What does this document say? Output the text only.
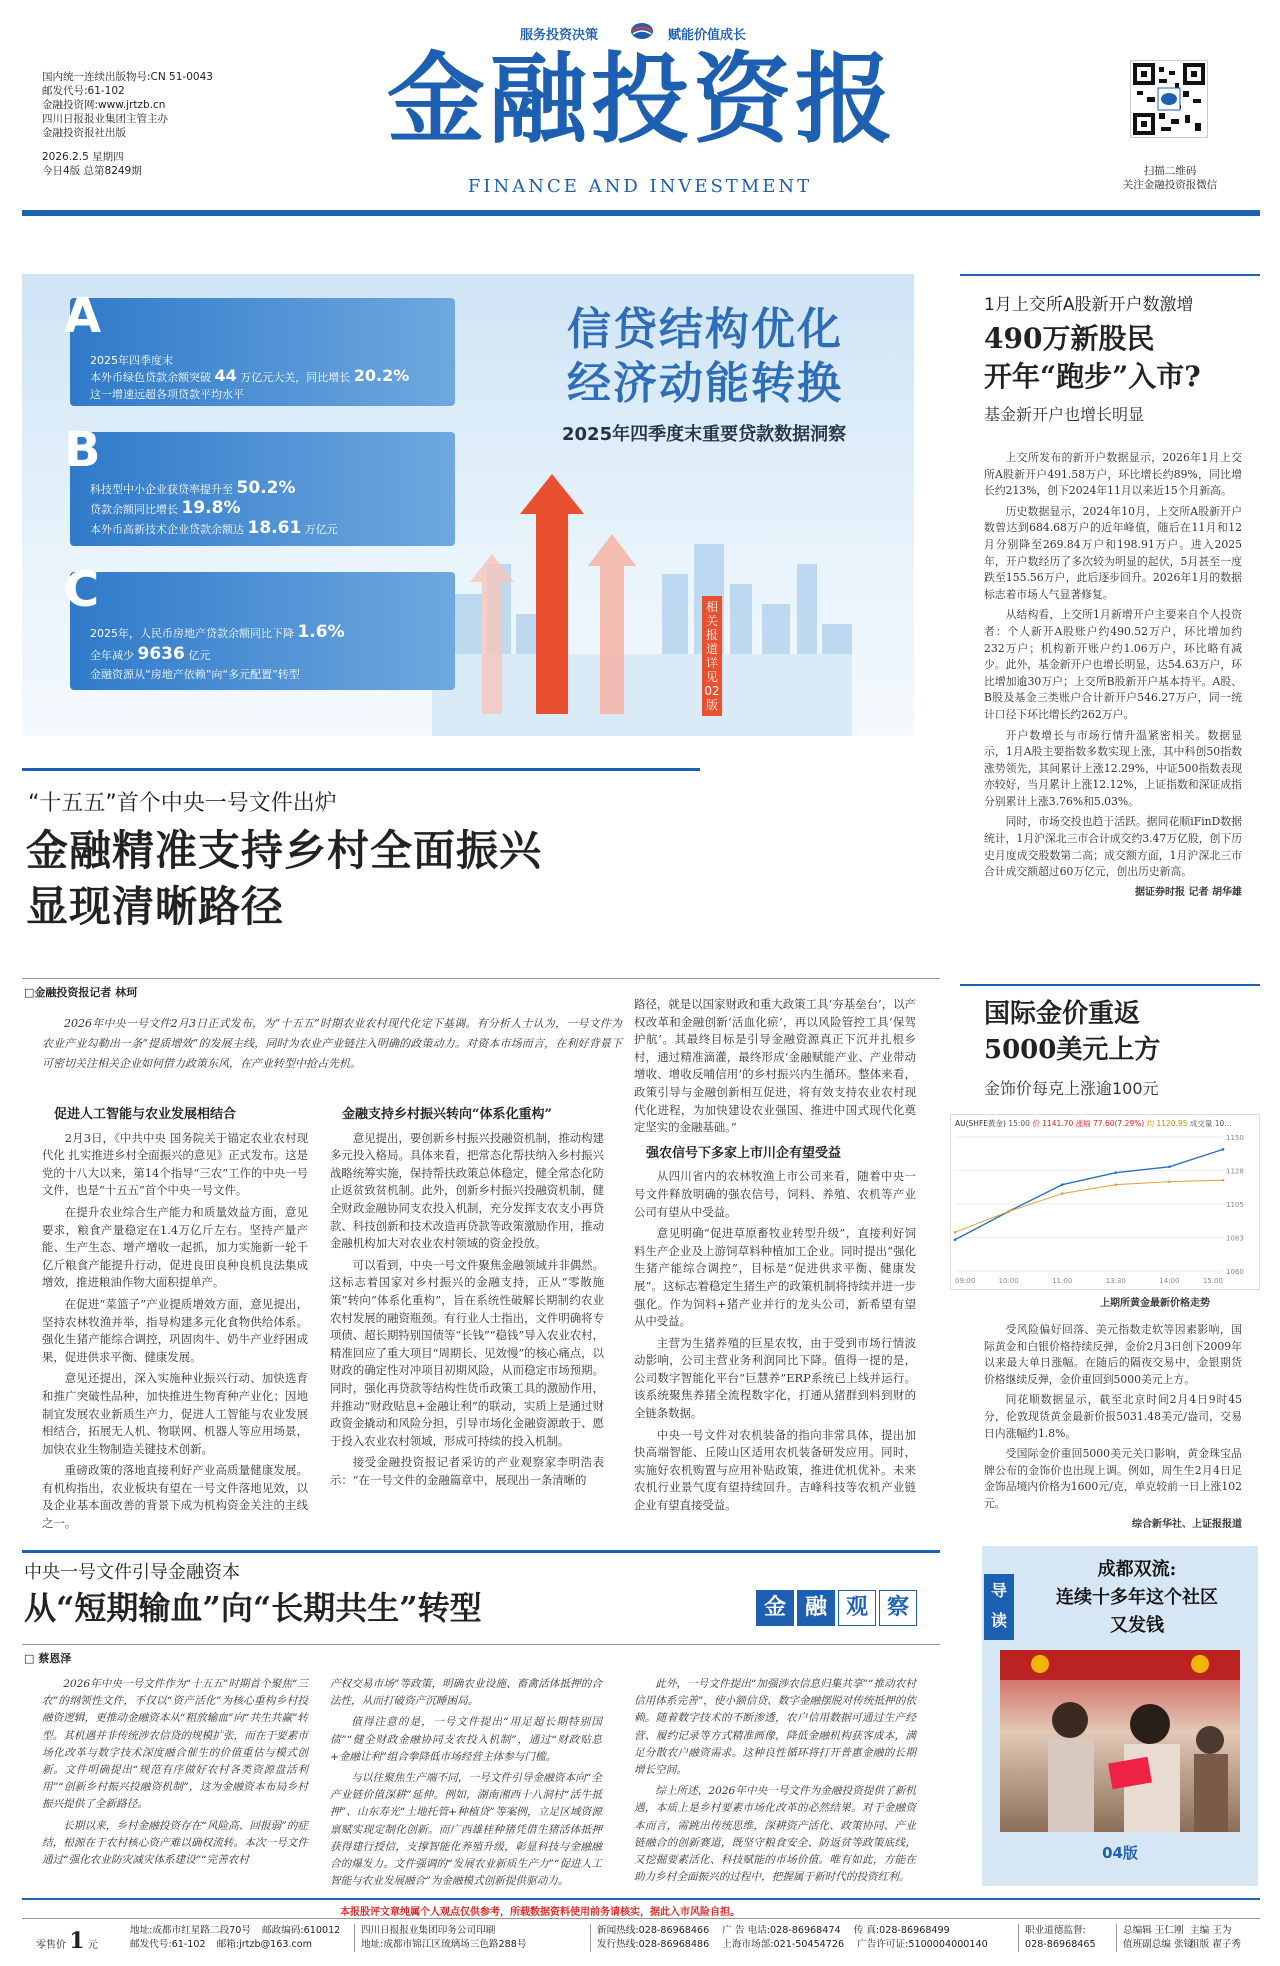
服务投资决策	赋能价值成长
国内统一连续出版物号:CN 51-0043
邮发代号:61-102
金融投资网:www.jrtzb.cn
四川日报报业集团主管主办
金融投资报社出版
2026.2.5 星期四
今日4版 总第8249期
金融投资报
FINANCE AND INVESTMENT
扫描二维码
关注金融投资报微信
信贷结构优化
经济动能转换
2025年四季度末重要贷款数据洞察
相关报道详见 02版
A
2025年四季度末
本外币绿色贷款余额突破 44 万亿元大关，同比增长 20.2%
这一增速远超各项贷款平均水平
B
科技型中小企业获贷率提升至 50.2%
贷款余额同比增长 19.8%
本外币高新技术企业贷款余额达 18.61 万亿元
C
2025年，人民币房地产贷款余额同比下降 1.6%
全年减少 9636 亿元
金融资源从“房地产依赖”向“多元配置”转型
1月上交所A股新开户数激增
490万新股民
开年“跑步”入市?
基金新开户也增长明显

上交所发布的新开户数据显示，2026年1月上交所A股新开户491.58万户，环比增长约89%，同比增长约213%，创下2024年11月以来近15个月新高。

历史数据显示，2024年10月，上交所A股新开户数曾达到684.68万户的近年峰值，随后在11月和12月分别降至269.84万户和198.91万户。进入2025年，开户数经历了多次较为明显的起伏，5月甚至一度跌至155.56万户，此后逐步回升。2026年1月的数据标志着市场人气显著修复。

从结构看，上交所1月新增开户主要来自个人投资者：个人新开A股账户约490.52万户，环比增加约232万户；机构新开账户约1.06万户，环比略有减少。此外，基金新开户也增长明显，达54.63万户，环比增加逾30万户；上交所B股新开户基本持平。A股、B股及基金三类账户合计新开户546.27万户，同一统计口径下环比增长约262万户。

开户数增长与市场行情升温紧密相关。数据显示，1月A股主要指数多数实现上涨，其中科创50指数涨势领先，其间累计上涨12.29%，中证500指数表现亦较好，当月累计上涨12.12%，上证指数和深证成指分别累计上涨3.76%和5.03%。

同时，市场交投也趋于活跃。据同花顺iFinD数据统计，1月沪深北三市合计成交约3.47万亿股，创下历史月度成交股数第二高；成交额方面，1月沪深北三市合计成交额超过60万亿元，创出历史新高。

据证券时报 记者 胡华雄

“十五五”首个中央一号文件出炉
金融精准支持乡村全面振兴
显现清晰路径
□金融投资报记者 林珂
2026年中央一号文件2月3日正式发布，为“十五五”时期农业农村现代化定下基调。有分析人士认为，一号文件为农业产业勾勒出一条“提质增效”的发展主线，同时为农业产业链注入明确的政策动力。对资本市场而言，在利好背景下可密切关注相关企业如何借力政策东风，在产业转型中抢占先机。
促进人工智能与农业发展相结合

2月3日，《中共中央 国务院关于锚定农业农村现代化 扎实推进乡村全面振兴的意见》正式发布。这是党的十八大以来，第14个指导“三农”工作的中央一号文件，也是“十五五”首个中央一号文件。

在提升农业综合生产能力和质量效益方面，意见要求，粮食产量稳定在1.4万亿斤左右。坚持产量产能、生产生态、增产增收一起抓，加力实施新一轮千亿斤粮食产能提升行动，促进良田良种良机良法集成增效，推进粮油作物大面积提单产。

在促进“菜篮子”产业提质增效方面，意见提出，坚持农林牧渔并举，指导构建多元化食物供给体系。强化生猪产能综合调控，巩固肉牛、奶牛产业纾困成果，促进供求平衡、健康发展。

意见还提出，深入实施种业振兴行动、加快选育和推广突破性品种，加快推进生物育种产业化；因地制宜发展农业新质生产力，促进人工智能与农业发展相结合，拓展无人机、物联网、机器人等应用场景，加快农业生物制造关键技术创新。

重磅政策的落地直接利好产业高质量健康发展。有机构指出，农业板块有望在一号文件落地见效，以及企业基本面改善的背景下成为机构资金关注的主线之一。

金融支持乡村振兴转向“体系化重构”

意见提出，要创新乡村振兴投融资机制，推动构建多元投入格局。具体来看，把常态化帮扶纳入乡村振兴战略统筹实施，保持帮扶政策总体稳定，健全常态化防止返贫致贫机制。此外，创新乡村振兴投融资机制，健全财政金融协同支农投入机制，充分发挥支农支小再贷款、科技创新和技术改造再贷款等政策激励作用，推动金融机构加大对农业农村领域的资金投放。

可以看到，中央一号文件聚焦金融领域并非偶然。这标志着国家对乡村振兴的金融支持，正从“零散施策”转向“体系化重构”，旨在系统性破解长期制约农业农村发展的融资瓶颈。有行业人士指出，文件明确将专项债、超长期特别国债等“长钱”“稳钱”导入农业农村，精准回应了重大项目“周期长、见效慢”的核心痛点，以财政的确定性对冲项目初期风险，从而稳定市场预期。同时，强化再贷款等结构性货币政策工具的激励作用，并推动“财政贴息+金融让利”的联动，实质上是通过财政资金撬动和风险分担，引导市场化金融资源敢于、愿于投入农业农村领域，形成可持续的投入机制。

接受金融投资报记者采访的产业观察家李明浩表示：“在一号文件的金融篇章中，展现出一条清晰的

路径，就是以国家财政和重大政策工具‘夯基垒台’，以产权改革和金融创新‘活血化瘀’，再以风险管控工具‘保驾护航’。其最终目标是引导金融资源真正下沉并扎根乡村，通过精准滴灌，最终形成‘金融赋能产业、产业带动增收、增收反哺信用’的乡村振兴内生循环。整体来看，政策引导与金融创新相互促进，将有效支持农业农村现代化进程，为加快建设农业强国、推进中国式现代化奠定坚实的金融基础。”

强农信号下多家上市川企有望受益

从四川省内的农林牧渔上市公司来看，随着中央一号文件释放明确的强农信号，饲料、养殖、农机等产业公司有望从中受益。

意见明确“促进草原畜牧业转型升级”，直接利好饲料生产企业及上游饲草料种植加工企业。同时提出“强化生猪产能综合调控”，目标是“促进供求平衡、健康发展”。这标志着稳定生猪生产的政策机制将持续并进一步强化。作为饲料+猪产业并行的龙头公司，新希望有望从中受益。

主营为生猪养殖的巨星农牧，由于受到市场行情波动影响，公司主营业务利润同比下降。值得一提的是，公司数字智能化平台“巨慧养”ERP系统已上线并运行。该系统聚焦养猪全流程数字化，打通从猪群到料到财的全链条数据。

中央一号文件对农机装备的指向非常具体，提出加快高端智能、丘陵山区适用农机装备研发应用。同时，实施好农机购置与应用补贴政策，推进优机优补。未来农机行业景气度有望持续回升。吉峰科技等农机产业链企业有望直接受益。

国际金价重返
5000美元上方
金饰价每克上涨逾100元
AU(SHFE黄金) 15:00 价 1141.70 涨幅 77.60(7.29%) 均 1120.95 成交量 10...
1150
1128
1105
1083
1060
09:00	10:00	11:00	13:30	14:00	15:00
上期所黄金最新价格走势

受风险偏好回落、美元指数走软等因素影响，国际黄金和白银价格持续反弹，金价2月3日创下2009年以来最大单日涨幅。在随后的隔夜交易中，金银期货价格继续反弹，金价重回到5000美元上方。

同花顺数据显示，截至北京时间2月4日9时45分，伦敦现货黄金最新价报5031.48美元/盎司，交易日内涨幅约1.8%。

受国际金价重回5000美元关口影响，黄金珠宝品牌公布的金饰价也出现上调。例如，周生生2月4日足金饰品境内价格为1600元/克，单克较前一日上涨102元。

综合新华社、上证报报道

中央一号文件引导金融资本
从“短期输血”向“长期共生”转型	金 融 观 察
□ 蔡恩泽

2026年中央一号文件作为“十五五”时期首个聚焦“三农”的纲领性文件，不仅以“资产活化”为核心重构乡村投融资逻辑，更推动金融资本从“粗放输血”向“共生共赢”转型。其机遇并非传统涉农信贷的规模扩张，而在于要素市场化改革与数字技术深度融合催生的价值重估与模式创新。文件明确提出“规范有序做好农村各类资源盘活利用”“创新乡村振兴投融资机制”，这为金融资本布局乡村振兴提供了全新路径。

长期以来，乡村金融投资存在“风险高、回报弱”的症结，根源在于农村核心资产难以确权流转。本次一号文件通过“强化农业防灾减灾体系建设”“完善农村

产权交易市场”等政策，明确农业设施、畜禽活体抵押的合法性，从而打破资产沉睡困局。

值得注意的是，一号文件提出“用足超长期特别国债”“健全财政金融协同支农投入机制”，通过“财政贴息+金融让利”组合拳降低市场经营主体参与门槛。

与以往聚焦生产端不同，一号文件引导金融资本向“全产业链价值深耕”延伸。例如，湖南湘西十八洞村“活牛抵押”、山东寿光“土地托管+种植贷”等案例，立足区域资源禀赋实现定制化创新。而广西雄桂种猪凭借生猪活体抵押获得建行授信，支撑智能化养殖升级，彰显科技与金融融合的爆发力。文件强调的“发展农业新质生产力”“促进人工智能与农业发展融合”为金融模式创新提供驱动力。

此外，一号文件提出“加强涉农信息归集共享”“推动农村信用体系完善”，使小额信贷、数字金融摆脱对传统抵押的依赖。随着数字技术的不断渗透，农户信用数据可通过生产经营、履约记录等方式精准画像，降低金融机构获客成本，满足分散农户融资需求。这种良性循环将打开普惠金融的长期增长空间。

综上所述，2026年中央一号文件为金融投资提供了新机遇，本质上是乡村要素市场化改革的必然结果。对于金融资本而言，需跳出传统思维，深耕资产活化、政策协同、产业链融合的创新赛道，既坚守粮食安全、防返贫等政策底线，又挖掘要素活化、科技赋能的市场价值。唯有如此，方能在助力乡村全面振兴的过程中，把握属于新时代的投资红利。

导
读
成都双流:
连续十多年这个社区
又发钱
04版
本报股评文章纯属个人观点仅供参考，所载数据资料使用前务请核实，据此入市风险自担。
零售价 1 元
地址:成都市红星路二段70号 邮政编码:610012
邮发代号:61-102 邮箱:jrtzb@163.com
四川日报报业集团印务公司印刷
地址:成都市锦江区琉璃场三色路288号
新闻热线:028-86968466 广 告 电话:028-86968474 传 真:028-86968499
发行热线:028-86968486 上海市场部:021-50454726 广告许可证:5100004000140
职业道德监督:
028-86968465
总编辑 王仁刚
值班副总编 张镜
主编 王为
组版 翟子秀
